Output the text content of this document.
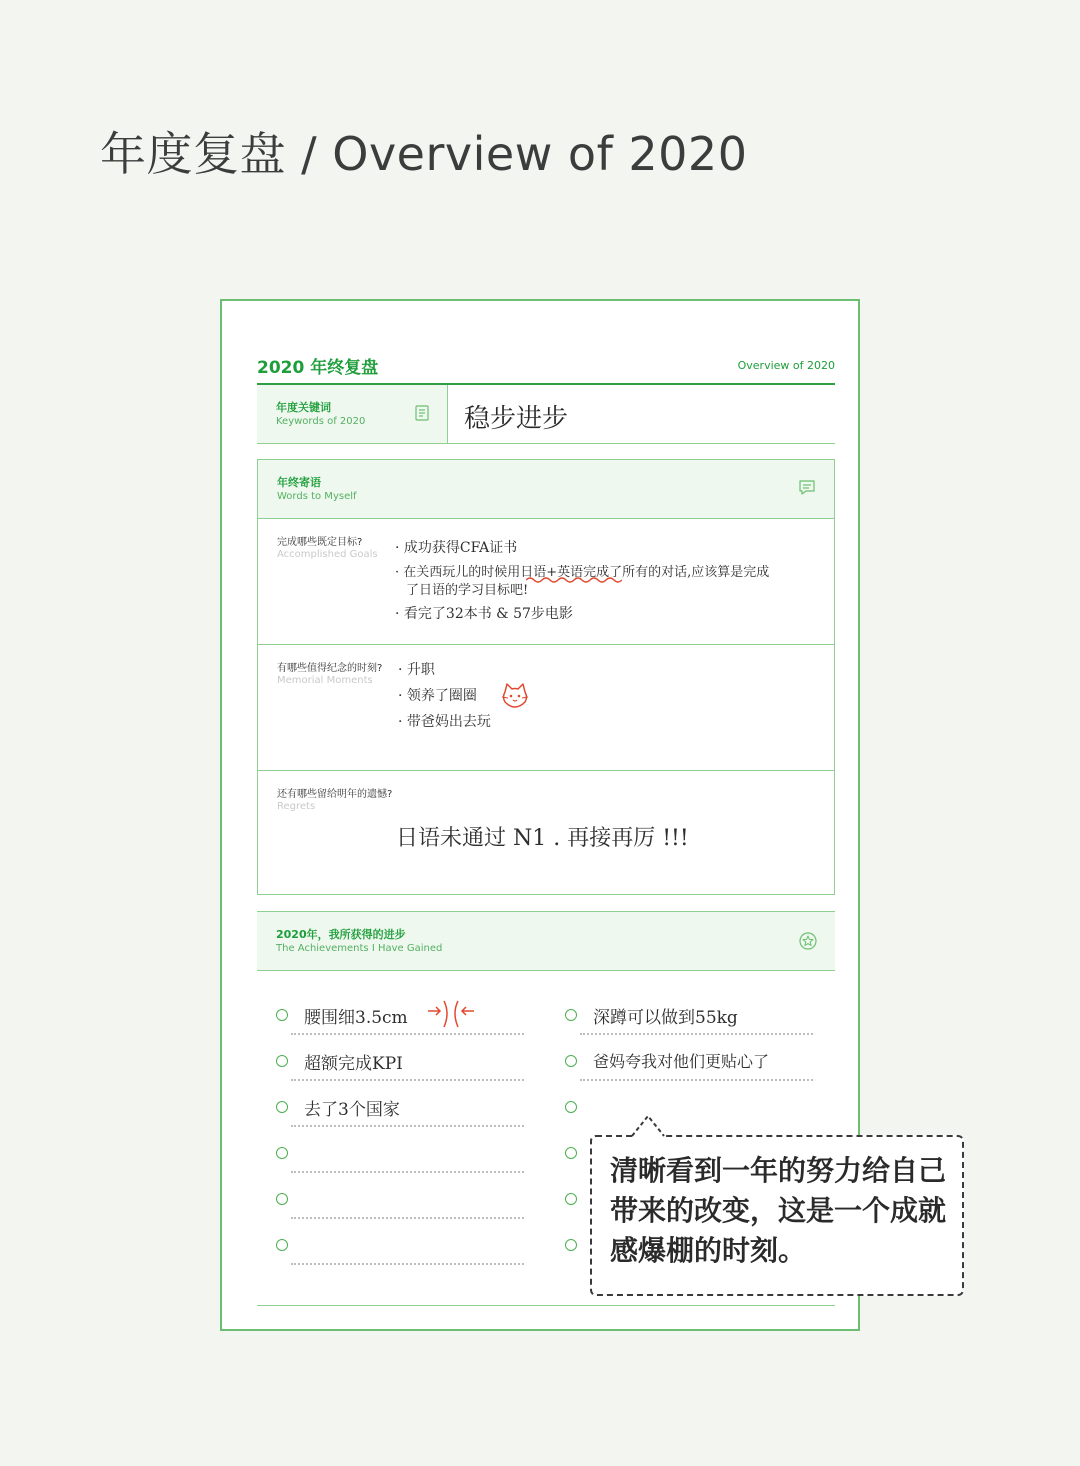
年度复盘 / Overview of 2020
2020 年终复盘	Overview of 2020
年度关键词
Keywords of 2020	稳步进步
年终寄语
Words to Myself
完成哪些既定目标?
Accomplished Goals · 成功获得CFA证书
· 在关西玩儿的时候用日语+英语完成了所有的对话,应该算是完成
了日语的学习目标吧!
· 看完了32本书 & 57步电影
有哪些值得纪念的时刻?
Memorial Moments
· 升职
· 领养了圈圈
· 带爸妈出去玩
还有哪些留给明年的遗憾?
Regrets
日语未通过 N1 . 再接再厉 !!!
2020年，我所获得的进步
The Achievements I Have Gained
腰围细3.5cm
超额完成KPI
去了3个国家
深蹲可以做到55kg
爸妈夸我对他们更贴心了
清晰看到一年的努力给自己带来的改变，这是一个成就感爆棚的时刻。
